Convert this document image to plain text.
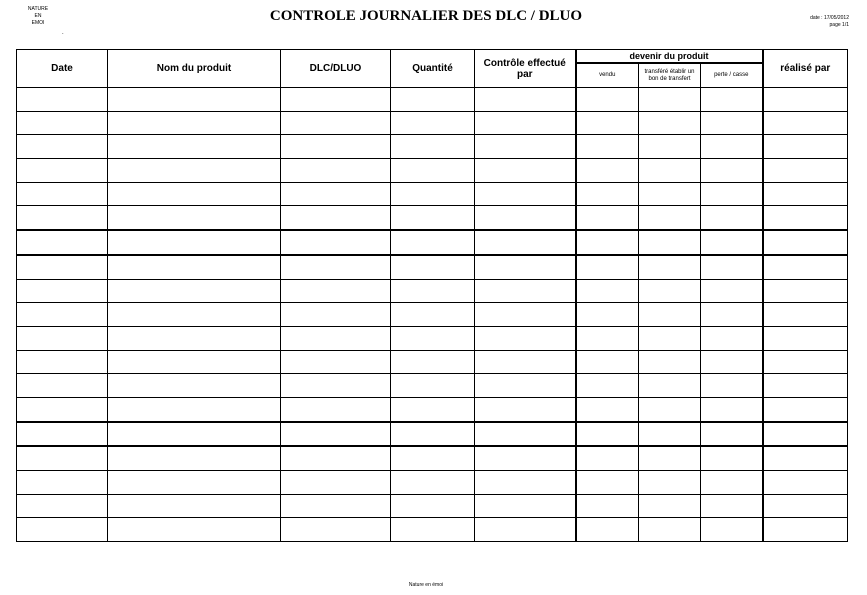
NATURE
EN
EMOI
.
CONTROLE JOURNALIER DES DLC / DLUO	date : 17/05/2012
page 1/1
Date	Nom du produit	DLC/DLUO	Quantité	Contrôle effectué par	devenir du produit			réalisé par
					vendu	transféré établir un bon de transfert	perte / casse	

Nature en émoi
